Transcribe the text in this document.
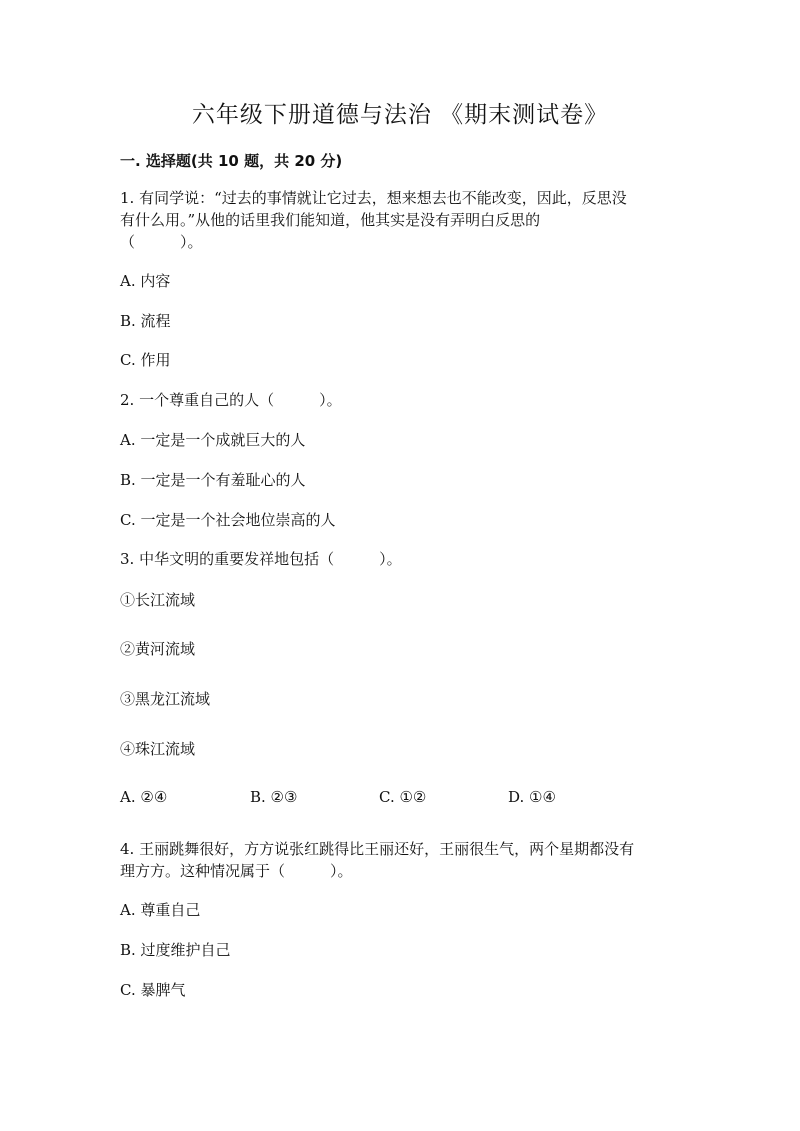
六年级下册道德与法治 《期末测试卷》
一. 选择题(共 10 题，共 20 分)
1. 有同学说：“过去的事情就让它过去，想来想去也不能改变，因此，反思没
有什么用。”从他的话里我们能知道，他其实是没有弄明白反思的
（　　　）。
A. 内容
B. 流程
C. 作用
2. 一个尊重自己的人（　　　）。
A. 一定是一个成就巨大的人
B. 一定是一个有羞耻心的人
C. 一定是一个社会地位崇高的人
3. 中华文明的重要发祥地包括（　　　）。
①长江流域
②黄河流域
③黑龙江流域
④珠江流域
A. ②④	B. ②③	C. ①②	D. ①④
4. 王丽跳舞很好，方方说张红跳得比王丽还好，王丽很生气，两个星期都没有
理方方。这种情况属于（　　　）。
A. 尊重自己
B. 过度维护自己
C. 暴脾气
